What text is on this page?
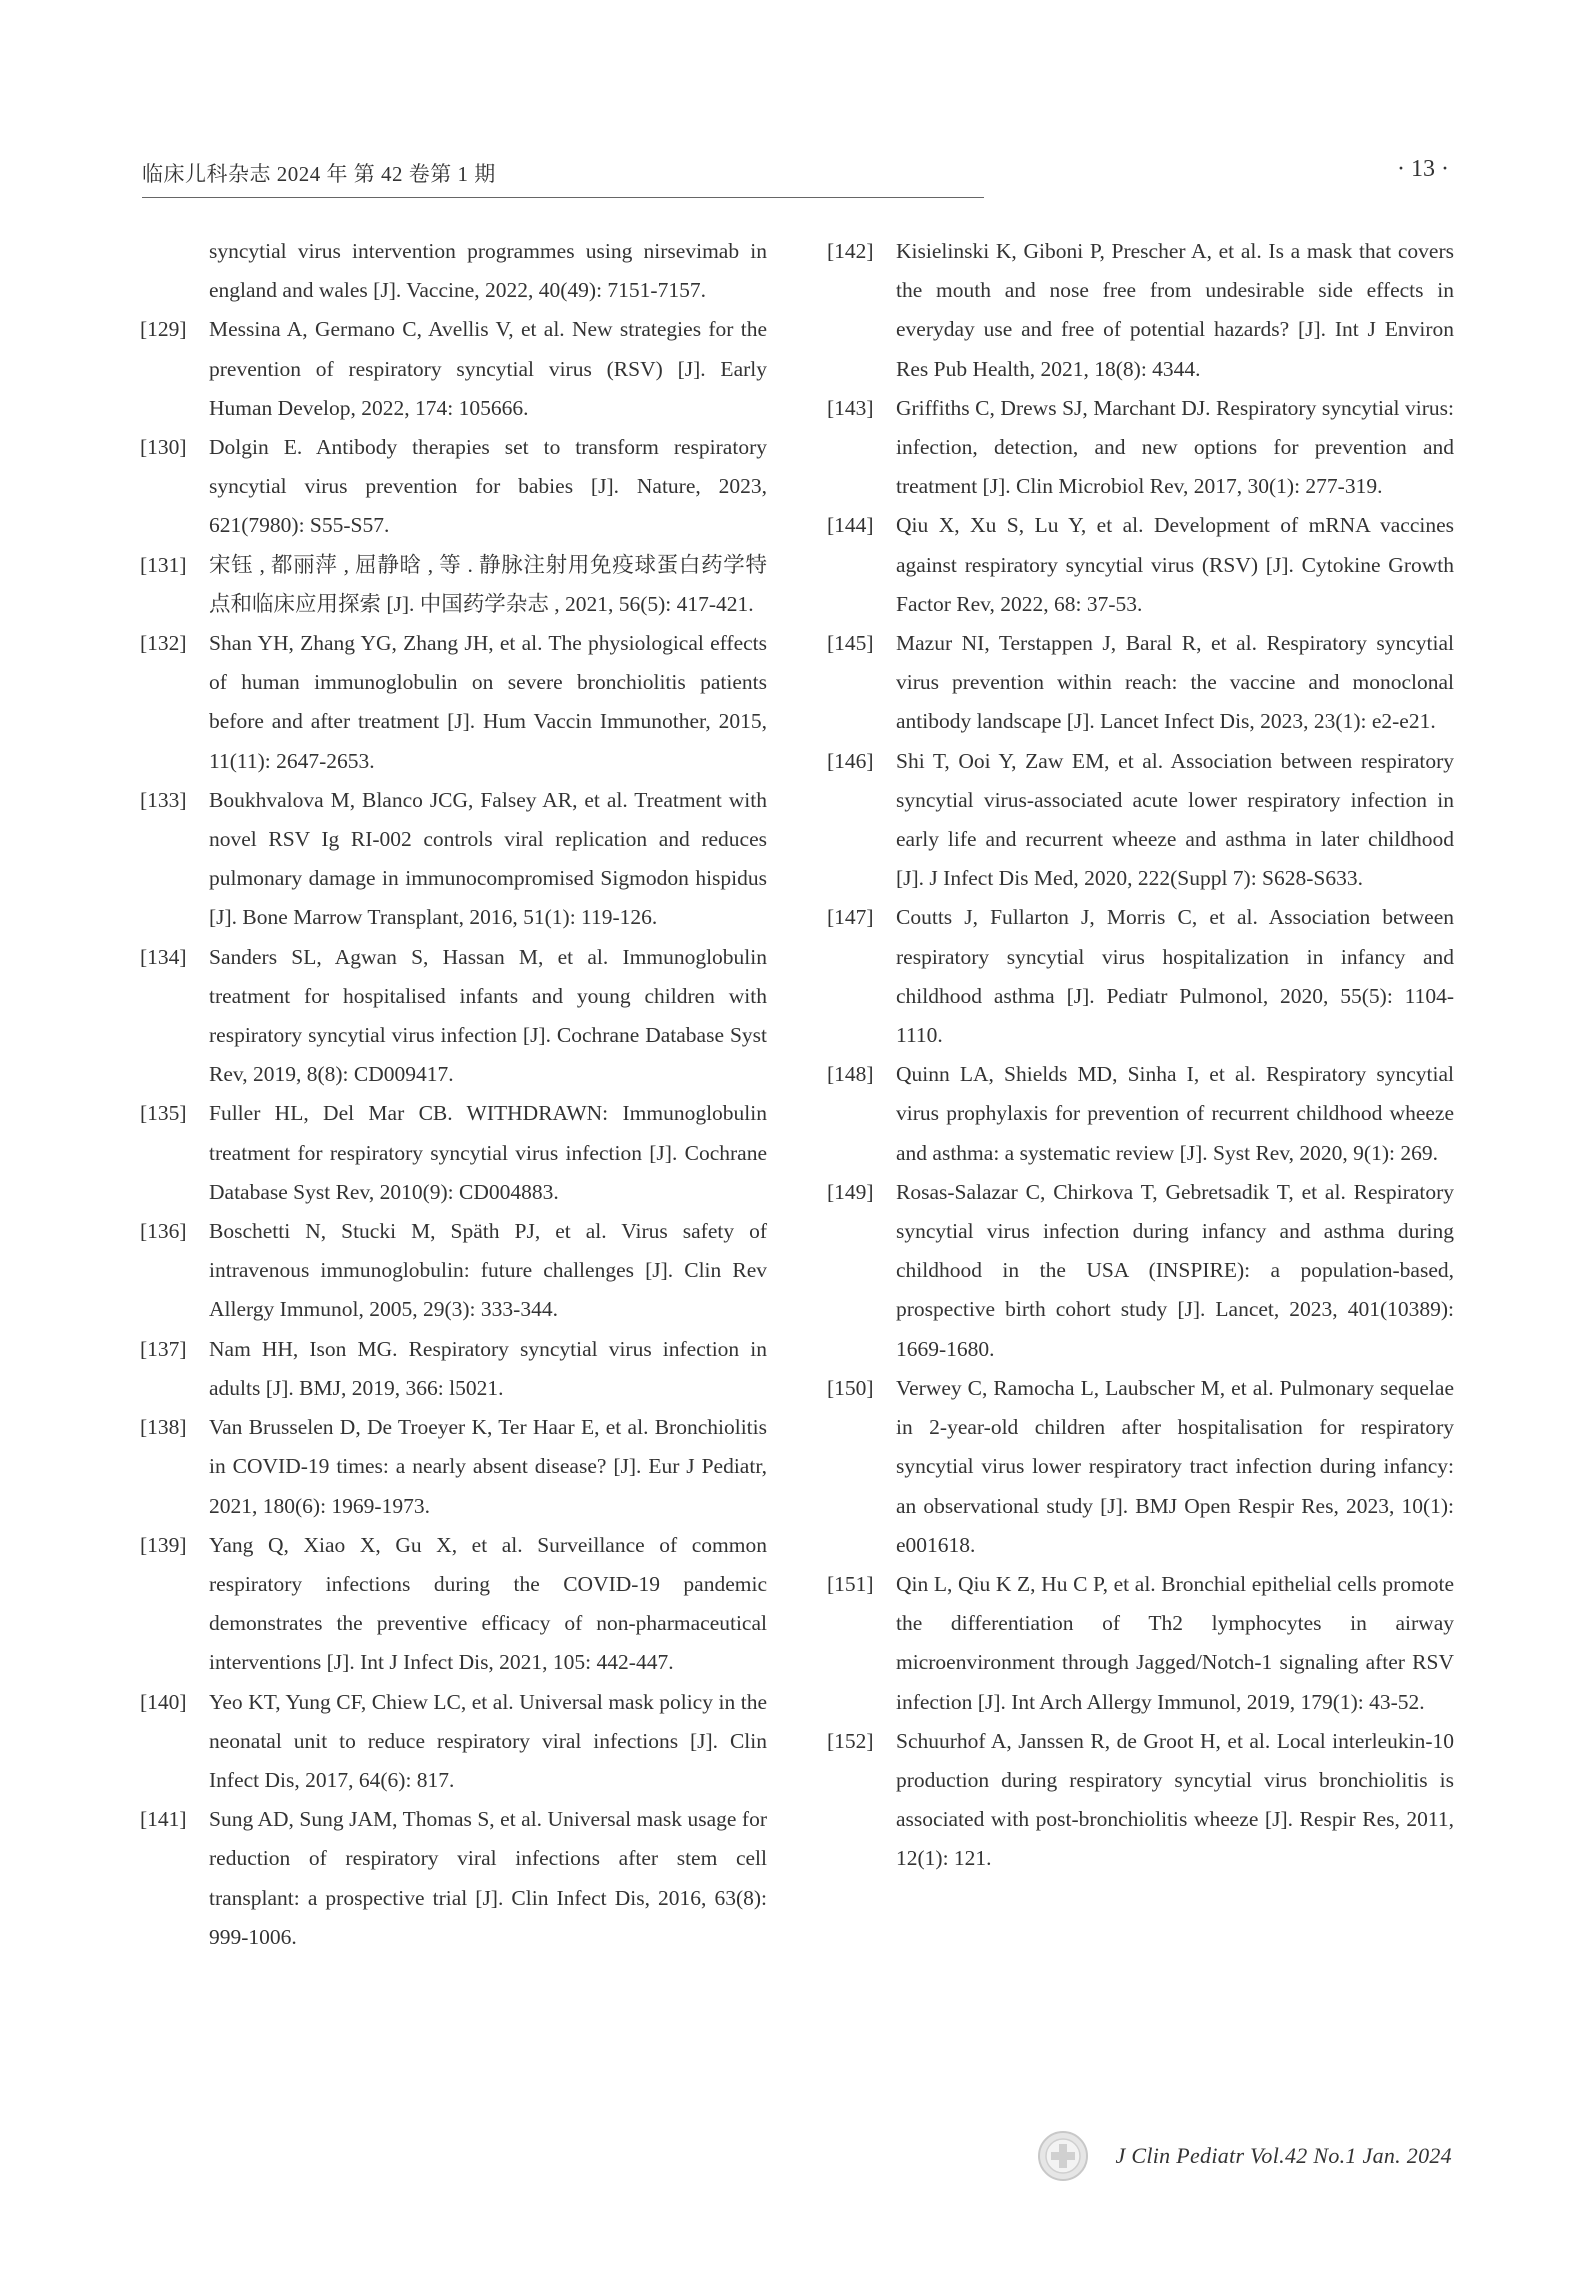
临床儿科杂志 2024 年 第 42 卷第 1 期	· 13 ·
syncytial virus intervention programmes using nirsevimab in england and wales [J]. Vaccine, 2022, 40(49): 7151-7157.
[129] Messina A, Germano C, Avellis V, et al. New strategies for the prevention of respiratory syncytial virus (RSV) [J]. Early Human Develop, 2022, 174: 105666.
[130] Dolgin E. Antibody therapies set to transform respiratory syncytial virus prevention for babies [J]. Nature, 2023, 621(7980): S55-S57.
[131] 宋钰 , 都丽萍 , 屈静晗 , 等 . 静脉注射用免疫球蛋白药学特点和临床应用探索 [J]. 中国药学杂志 , 2021, 56(5): 417-421.
[132] Shan YH, Zhang YG, Zhang JH, et al. The physiological effects of human immunoglobulin on severe bronchiolitis patients before and after treatment [J]. Hum Vaccin Immunother, 2015, 11(11): 2647-2653.
[133] Boukhvalova M, Blanco JCG, Falsey AR, et al. Treatment with novel RSV Ig RI-002 controls viral replication and reduces pulmonary damage in immunocompromised Sigmodon hispidus [J]. Bone Marrow Transplant, 2016, 51(1): 119-126.
[134] Sanders SL, Agwan S, Hassan M, et al. Immunoglobulin treatment for hospitalised infants and young children with respiratory syncytial virus infection [J]. Cochrane Database Syst Rev, 2019, 8(8): CD009417.
[135] Fuller HL, Del Mar CB. WITHDRAWN: Immunoglobulin treatment for respiratory syncytial virus infection [J]. Cochrane Database Syst Rev, 2010(9): CD004883.
[136] Boschetti N, Stucki M, Späth PJ, et al. Virus safety of intravenous immunoglobulin: future challenges [J]. Clin Rev Allergy Immunol, 2005, 29(3): 333-344.
[137] Nam HH, Ison MG. Respiratory syncytial virus infection in adults [J]. BMJ, 2019, 366: l5021.
[138] Van Brusselen D, De Troeyer K, Ter Haar E, et al. Bronchiolitis in COVID-19 times: a nearly absent disease? [J]. Eur J Pediatr, 2021, 180(6): 1969-1973.
[139] Yang Q, Xiao X, Gu X, et al. Surveillance of common respiratory infections during the COVID-19 pandemic demonstrates the preventive efficacy of non-pharmaceutical interventions [J]. Int J Infect Dis, 2021, 105: 442-447.
[140] Yeo KT, Yung CF, Chiew LC, et al. Universal mask policy in the neonatal unit to reduce respiratory viral infections [J]. Clin Infect Dis, 2017, 64(6): 817.
[141] Sung AD, Sung JAM, Thomas S, et al. Universal mask usage for reduction of respiratory viral infections after stem cell transplant: a prospective trial [J]. Clin Infect Dis, 2016, 63(8): 999-1006.
[142] Kisielinski K, Giboni P, Prescher A, et al. Is a mask that covers the mouth and nose free from undesirable side effects in everyday use and free of potential hazards? [J]. Int J Environ Res Pub Health, 2021, 18(8): 4344.
[143] Griffiths C, Drews SJ, Marchant DJ. Respiratory syncytial virus: infection, detection, and new options for prevention and treatment [J]. Clin Microbiol Rev, 2017, 30(1): 277-319.
[144] Qiu X, Xu S, Lu Y, et al. Development of mRNA vaccines against respiratory syncytial virus (RSV) [J]. Cytokine Growth Factor Rev, 2022, 68: 37-53.
[145] Mazur NI, Terstappen J, Baral R, et al. Respiratory syncytial virus prevention within reach: the vaccine and monoclonal antibody landscape [J]. Lancet Infect Dis, 2023, 23(1): e2-e21.
[146] Shi T, Ooi Y, Zaw EM, et al. Association between respiratory syncytial virus-associated acute lower respiratory infection in early life and recurrent wheeze and asthma in later childhood [J]. J Infect Dis Med, 2020, 222(Suppl 7): S628-S633.
[147] Coutts J, Fullarton J, Morris C, et al. Association between respiratory syncytial virus hospitalization in infancy and childhood asthma [J]. Pediatr Pulmonol, 2020, 55(5): 1104-1110.
[148] Quinn LA, Shields MD, Sinha I, et al. Respiratory syncytial virus prophylaxis for prevention of recurrent childhood wheeze and asthma: a systematic review [J]. Syst Rev, 2020, 9(1): 269.
[149] Rosas-Salazar C, Chirkova T, Gebretsadik T, et al. Respiratory syncytial virus infection during infancy and asthma during childhood in the USA (INSPIRE): a population-based, prospective birth cohort study [J]. Lancet, 2023, 401(10389): 1669-1680.
[150] Verwey C, Ramocha L, Laubscher M, et al. Pulmonary sequelae in 2-year-old children after hospitalisation for respiratory syncytial virus lower respiratory tract infection during infancy: an observational study [J]. BMJ Open Respir Res, 2023, 10(1): e001618.
[151] Qin L, Qiu K Z, Hu C P, et al. Bronchial epithelial cells promote the differentiation of Th2 lymphocytes in airway microenvironment through Jagged/Notch-1 signaling after RSV infection [J]. Int Arch Allergy Immunol, 2019, 179(1): 43-52.
[152] Schuurhof A, Janssen R, de Groot H, et al. Local interleukin-10 production during respiratory syncytial virus bronchiolitis is associated with post-bronchiolitis wheeze [J]. Respir Res, 2011, 12(1): 121.
J Clin Pediatr Vol.42 No.1 Jan. 2024
